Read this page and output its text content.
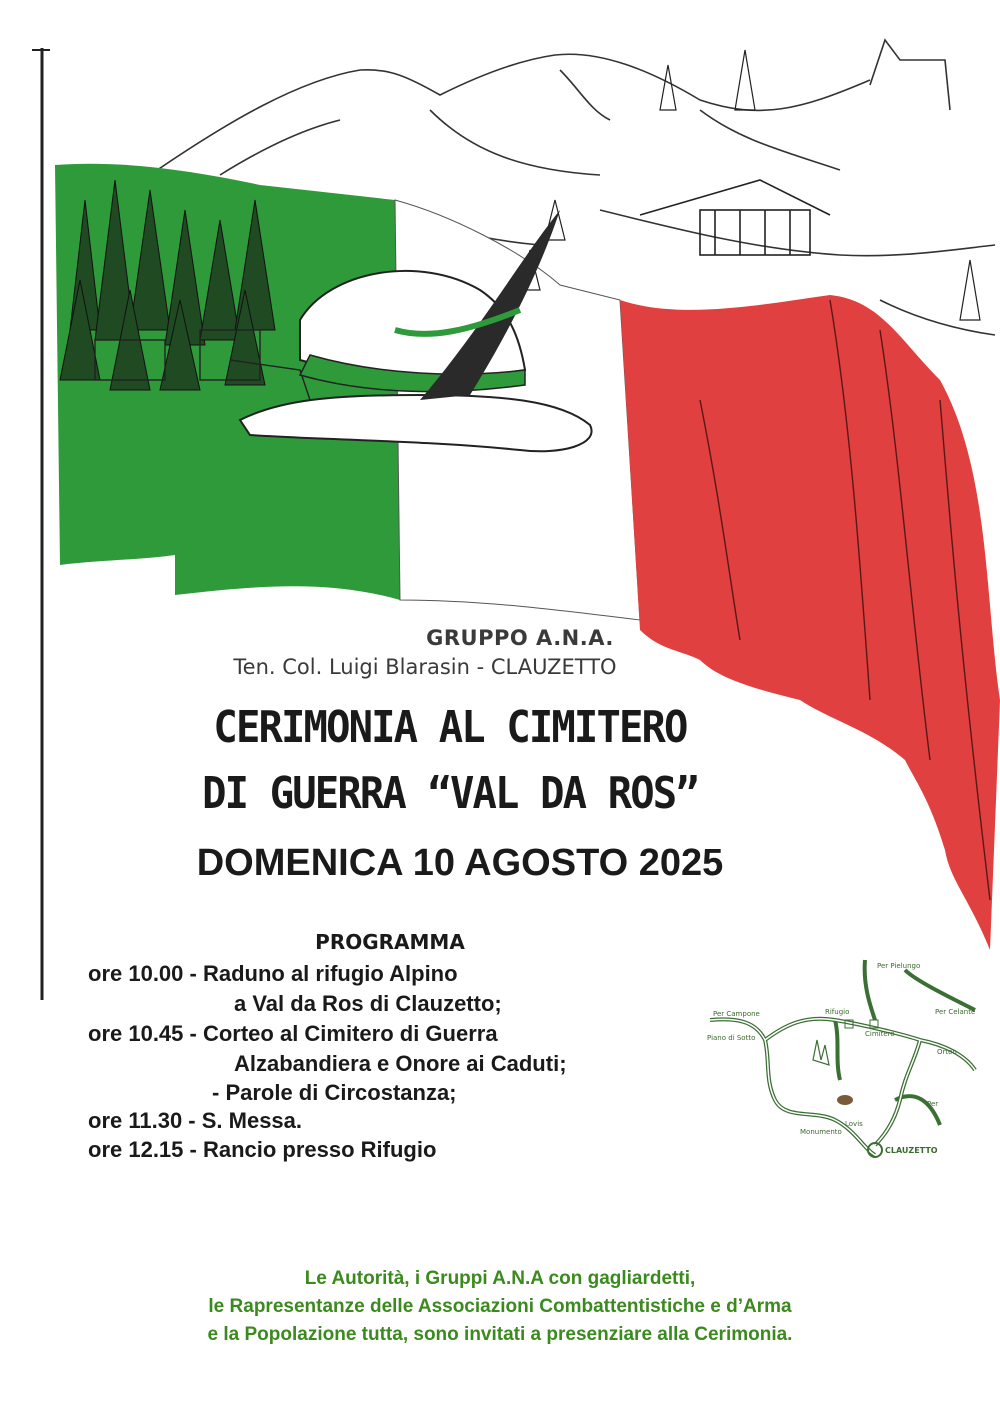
GRUPPO A.N.A.
Ten. Col. Luigi Blarasin - CLAUZETTO
CERIMONIA AL CIMITERO
DI GUERRA “VAL DA ROS”
DOMENICA 10 AGOSTO 2025
PROGRAMMA
ore 10.00 - Raduno al rifugio Alpino
a Val da Ros di Clauzetto;
ore 10.45 - Corteo al Cimitero di Guerra
Alzabandiera e Onore ai Caduti;
- Parole di Circostanza;
ore 11.30 - S. Messa.
ore 12.15 - Rancio presso Rifugio
Per Pielungo
Per Campone	Rifugio
Cimitero
Per Celante
Piano di Sotto
Orton
Per
Monumento
Lovis
CLAUZETTO
Le Autorità, i Gruppi A.N.A con gagliardetti,
le Rapresentanze delle Associazioni Combattentistiche e d’Arma
e la Popolazione tutta, sono invitati a presenziare alla Cerimonia.
